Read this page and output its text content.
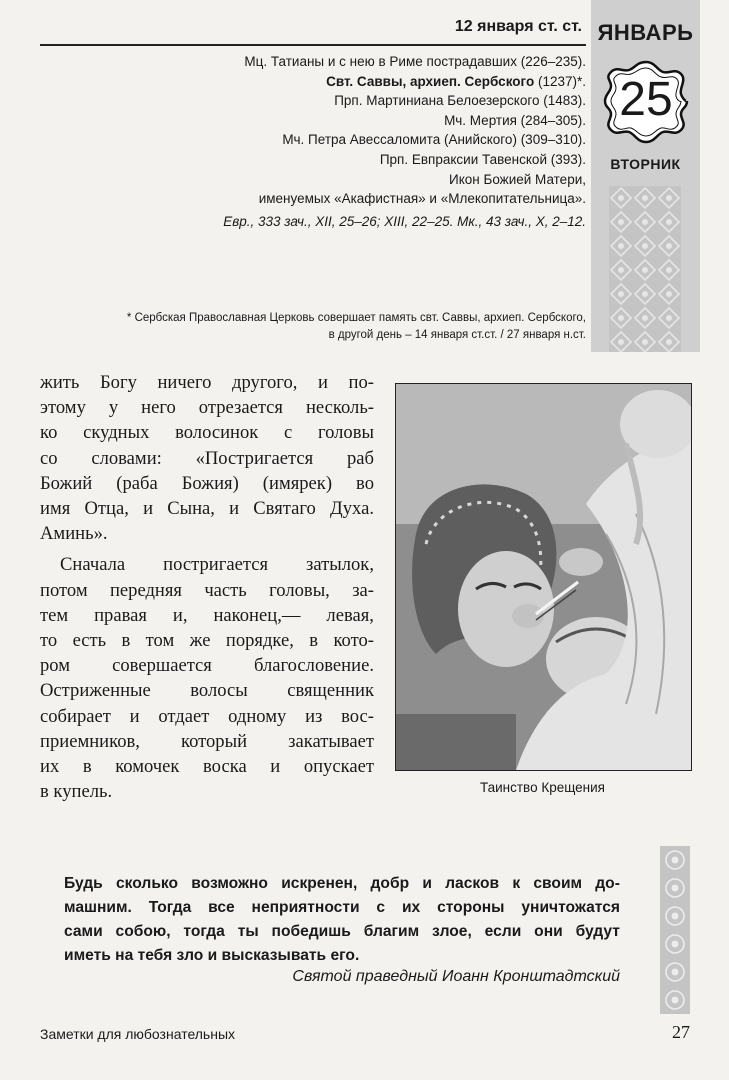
12 января ст. ст.
Мц. Татианы и с нею в Риме пострадавших (226–235).
Свт. Саввы, архиеп. Сербского (1237)*.
Прп. Мартиниана Белоезерского (1483).
Мч. Мертия (284–305).
Мч. Петра Авессаломита (Анийского) (309–310).
Прп. Евпраксии Тавенской (393).
Икон Божией Матери,
именуемых «Акафистная» и «Млекопитательница».
Евр., 333 зач., XII, 25–26; XIII, 22–25. Мк., 43 зач., X, 2–12.
* Сербская Православная Церковь совершает память свт. Саввы, архиеп. Сербского,
в другой день – 14 января ст.ст. / 27 января н.ст.
ЯНВАРЬ
25
ВТОРНИК
жить Богу ничего другого, и по-
этому у него отрезается несколь-
ко скудных волосинок с головы
со словами: «Постригается раб
Божий (раба Божия) (имярек) во
имя Отца, и Сына, и Святаго Духа.
Аминь».
Сначала постригается затылок,
потом передняя часть головы, за-
тем правая и, наконец,— левая,
то есть в том же порядке, в кото-
ром совершается благословение.
Остриженные волосы священник
собирает и отдает одному из вос-
приемников, который закатывает
их в комочек воска и опускает
в купель.	Таинство Крещения
Будь сколько возможно искренен, добр и ласков к своим до-
машним. Тогда все неприятности с их стороны уничтожатся
сами собою, тогда ты победишь благим злое, если они будут
иметь на тебя зло и высказывать его.
Святой праведный Иоанн Кронштадтский
Заметки для любознательных	27
